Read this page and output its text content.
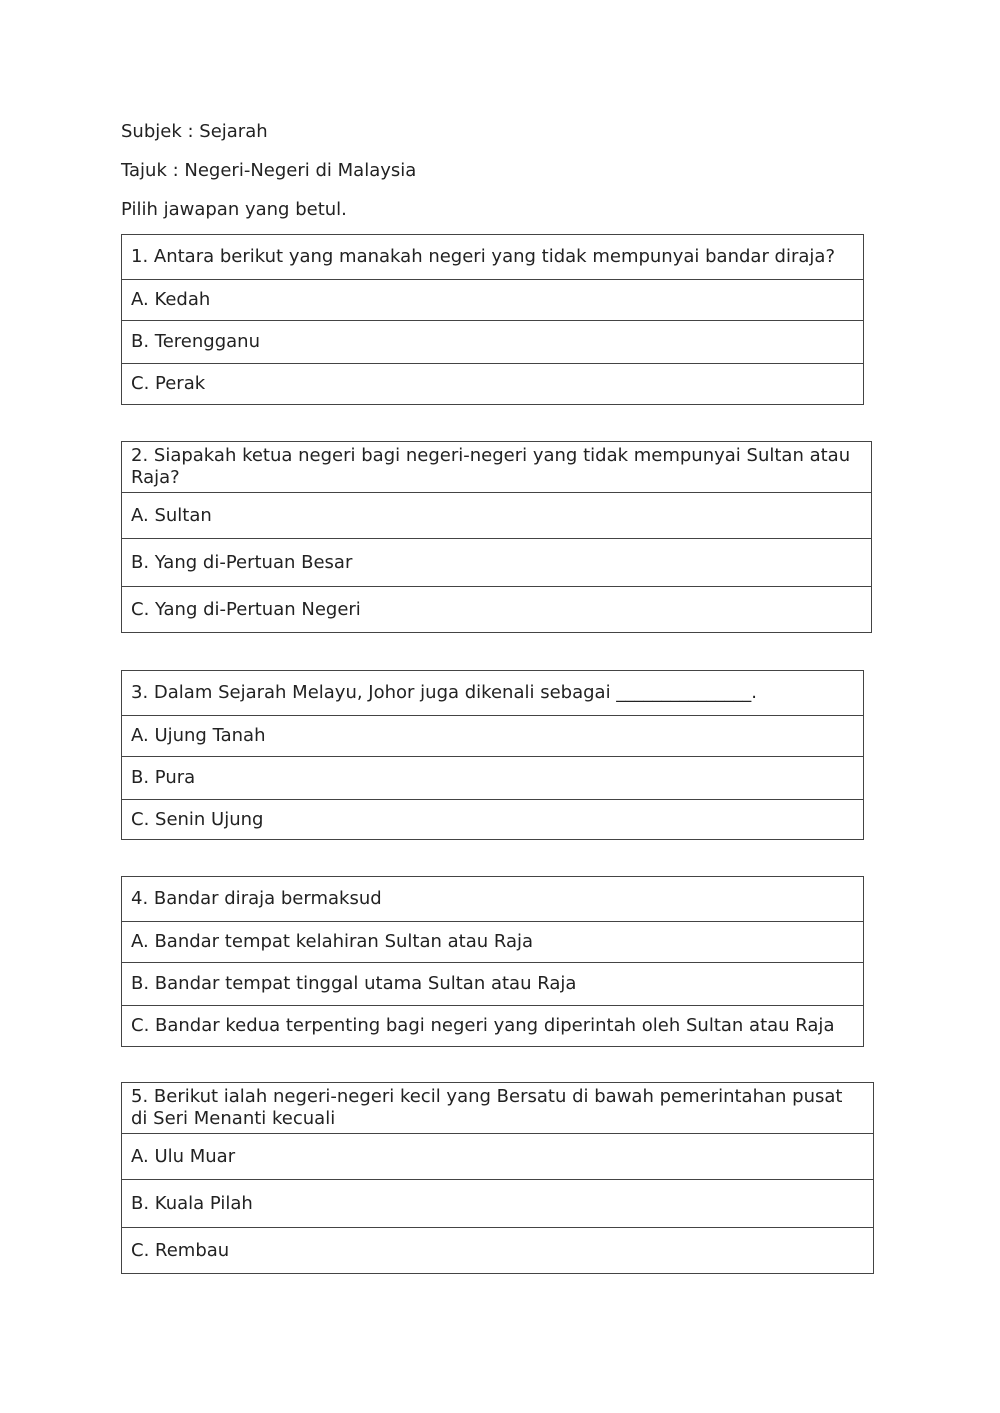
Subjek : Sejarah
Tajuk : Negeri-Negeri di Malaysia
Pilih jawapan yang betul.
1. Antara berikut yang manakah negeri yang tidak mempunyai bandar diraja?
A. Kedah
B. Terengganu
C. Perak
2. Siapakah ketua negeri bagi negeri-negeri yang tidak mempunyai Sultan atau Raja?
A. Sultan
B. Yang di-Pertuan Besar
C. Yang di-Pertuan Negeri
3. Dalam Sejarah Melayu, Johor juga dikenali sebagai _______________.
A. Ujung Tanah
B. Pura
C. Senin Ujung
4. Bandar diraja bermaksud
A. Bandar tempat kelahiran Sultan atau Raja
B. Bandar tempat tinggal utama Sultan atau Raja
C. Bandar kedua terpenting bagi negeri yang diperintah oleh Sultan atau Raja
5. Berikut ialah negeri-negeri kecil yang Bersatu di bawah pemerintahan pusat di Seri Menanti kecuali
A. Ulu Muar
B. Kuala Pilah
C. Rembau
